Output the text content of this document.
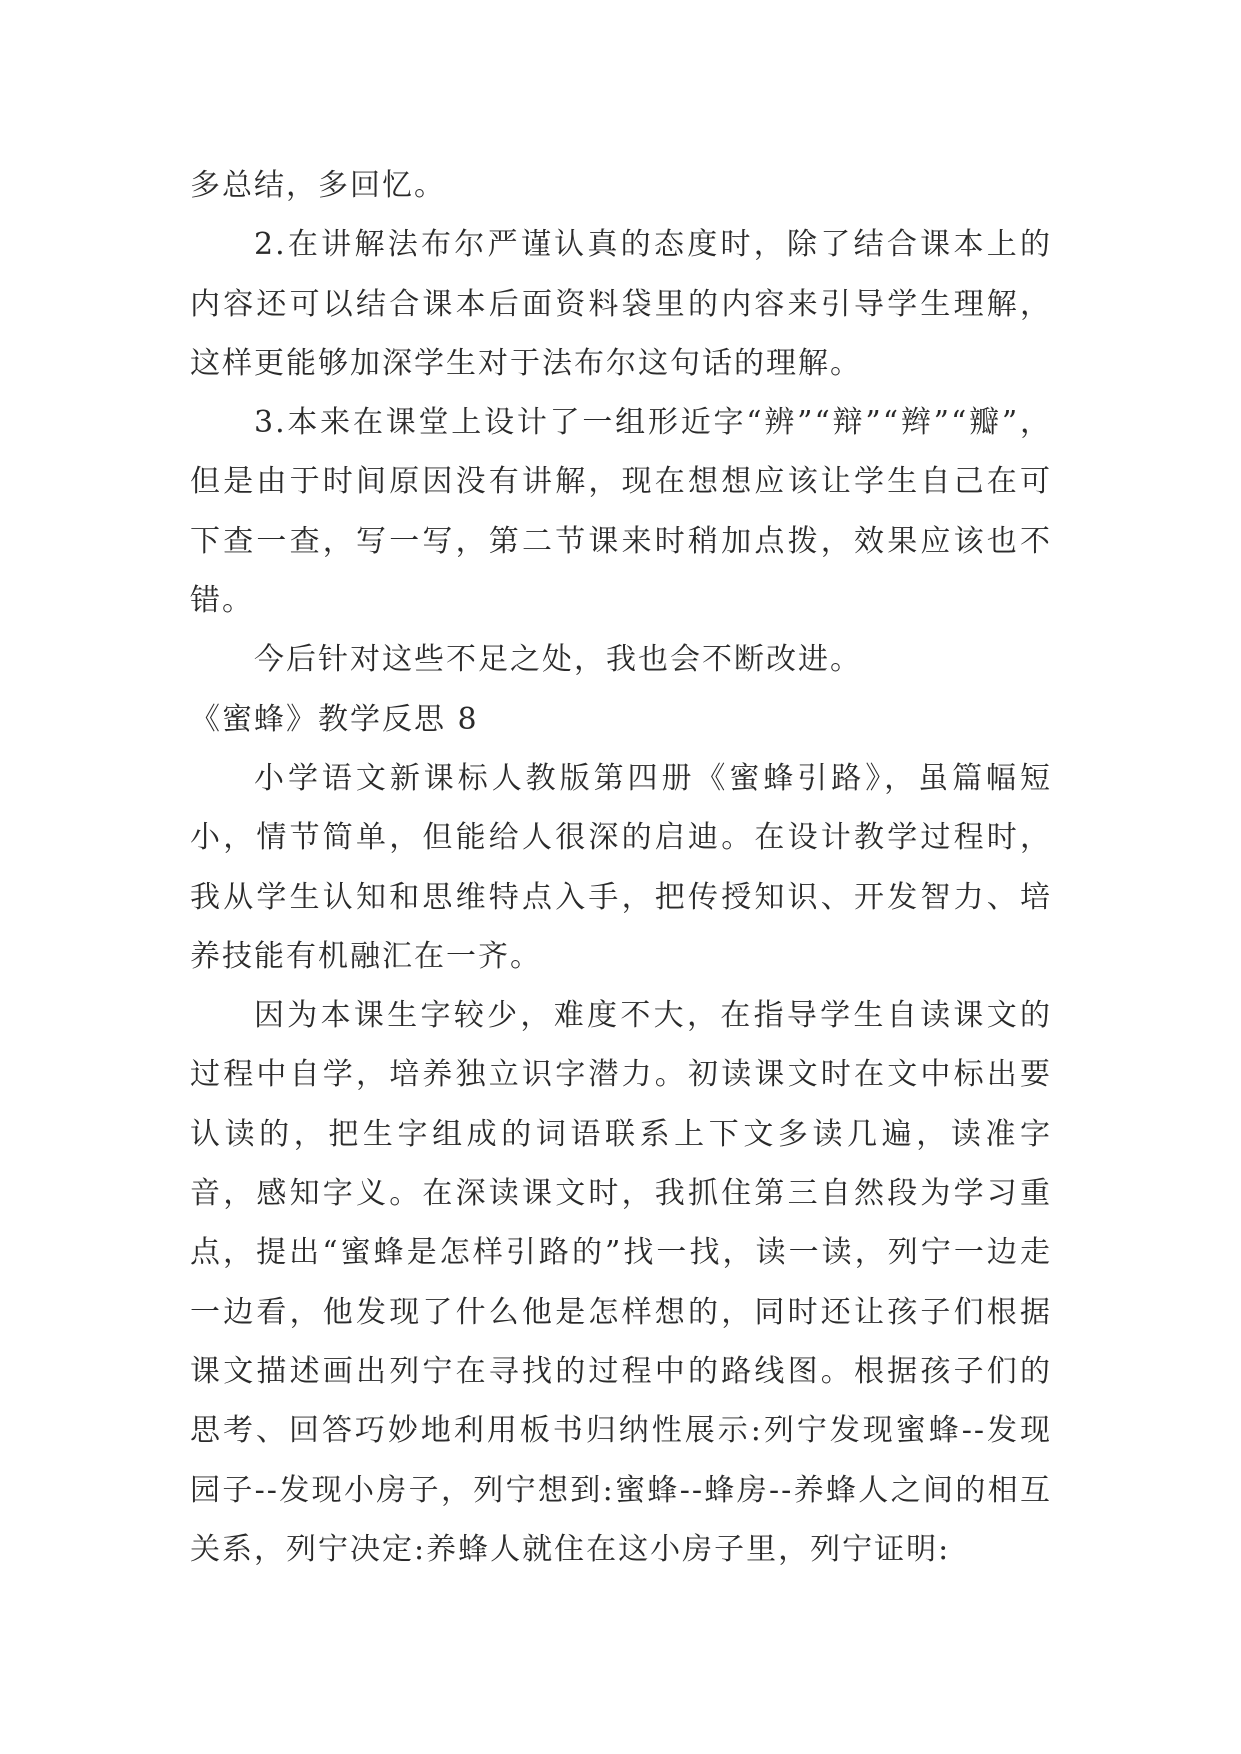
多总结，多回忆。

2.在讲解法布尔严谨认真的态度时，除了结合课本上的内容还可以结合课本后面资料袋里的内容来引导学生理解，这样更能够加深学生对于法布尔这句话的理解。

3.本来在课堂上设计了一组形近字“辨”“辩”“辫”“瓣”，但是由于时间原因没有讲解，现在想想应该让学生自己在可下查一查，写一写，第二节课来时稍加点拨，效果应该也不错。

今后针对这些不足之处，我也会不断改进。

《蜜蜂》教学反思 8

小学语文新课标人教版第四册《蜜蜂引路》，虽篇幅短小，情节简单，但能给人很深的启迪。在设计教学过程时，我从学生认知和思维特点入手，把传授知识、开发智力、培养技能有机融汇在一齐。

因为本课生字较少，难度不大，在指导学生自读课文的过程中自学，培养独立识字潜力。初读课文时在文中标出要认读的，把生字组成的词语联系上下文多读几遍，读准字音，感知字义。在深读课文时，我抓住第三自然段为学习重点，提出“蜜蜂是怎样引路的”找一找，读一读，列宁一边走一边看，他发现了什么他是怎样想的，同时还让孩子们根据课文描述画出列宁在寻找的过程中的路线图。根据孩子们的思考、回答巧妙地利用板书归纳性展示:列宁发现蜜蜂--发现园子--发现小房子，列宁想到:蜜蜂--蜂房--养蜂人之间的相互关系，列宁决定:养蜂人就住在这小房子里，列宁证明:
